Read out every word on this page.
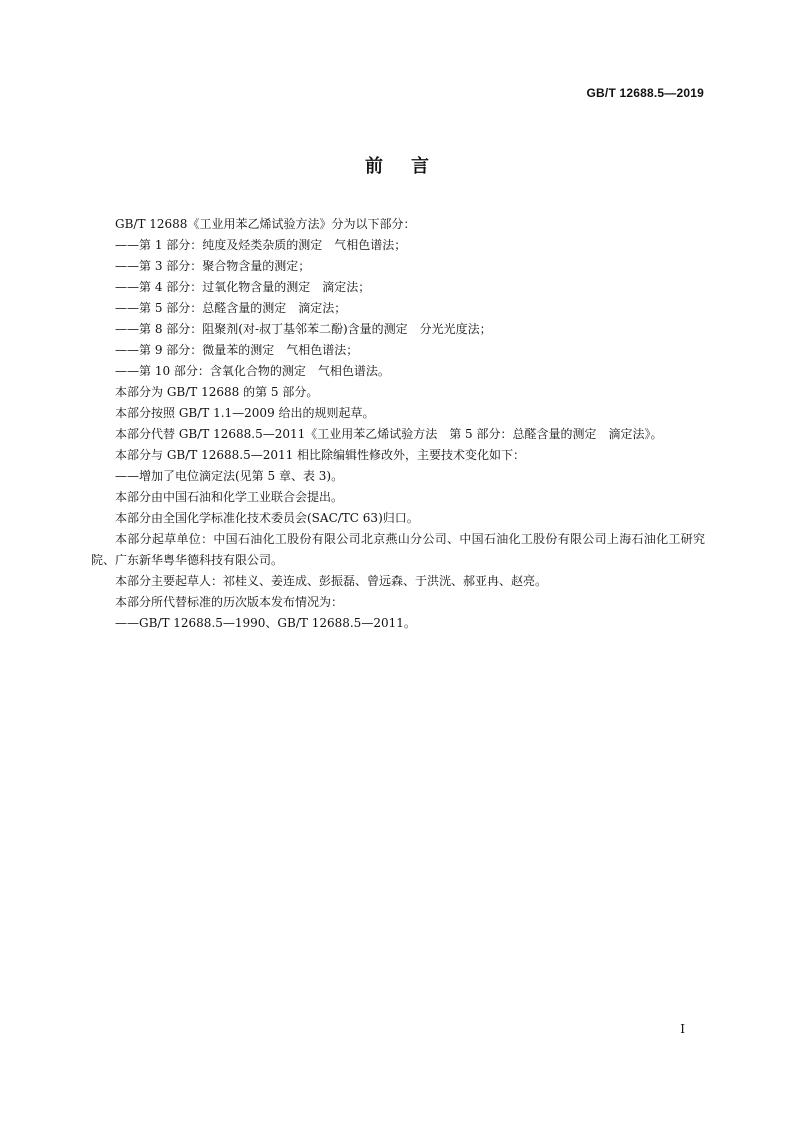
GB/T 12688.5—2019
前言

GB/T 12688《工业用苯乙烯试验方法》分为以下部分：

——第 1 部分：纯度及烃类杂质的测定　气相色谱法；

——第 3 部分：聚合物含量的测定；

——第 4 部分：过氧化物含量的测定　滴定法；

——第 5 部分：总醛含量的测定　滴定法；

——第 8 部分：阻聚剂(对-叔丁基邻苯二酚)含量的测定　分光光度法；

——第 9 部分：微量苯的测定　气相色谱法；

——第 10 部分：含氧化合物的测定　气相色谱法。

本部分为 GB/T 12688 的第 5 部分。

本部分按照 GB/T 1.1—2009 给出的规则起草。

本部分代替 GB/T 12688.5—2011《工业用苯乙烯试验方法　第 5 部分：总醛含量的测定　滴定法》。

本部分与 GB/T 12688.5—2011 相比除编辑性修改外，主要技术变化如下：

——增加了电位滴定法(见第 5 章、表 3)。

本部分由中国石油和化学工业联合会提出。

本部分由全国化学标准化技术委员会(SAC/TC 63)归口。

本部分起草单位：中国石油化工股份有限公司北京燕山分公司、中国石油化工股份有限公司上海石油化工研究院、广东新华粤华德科技有限公司。

本部分主要起草人：祁桂义、姜连成、彭振磊、曾远森、于洪洸、郝亚冉、赵亮。

本部分所代替标准的历次版本发布情况为：

——GB/T 12688.5—1990、GB/T 12688.5—2011。

I
